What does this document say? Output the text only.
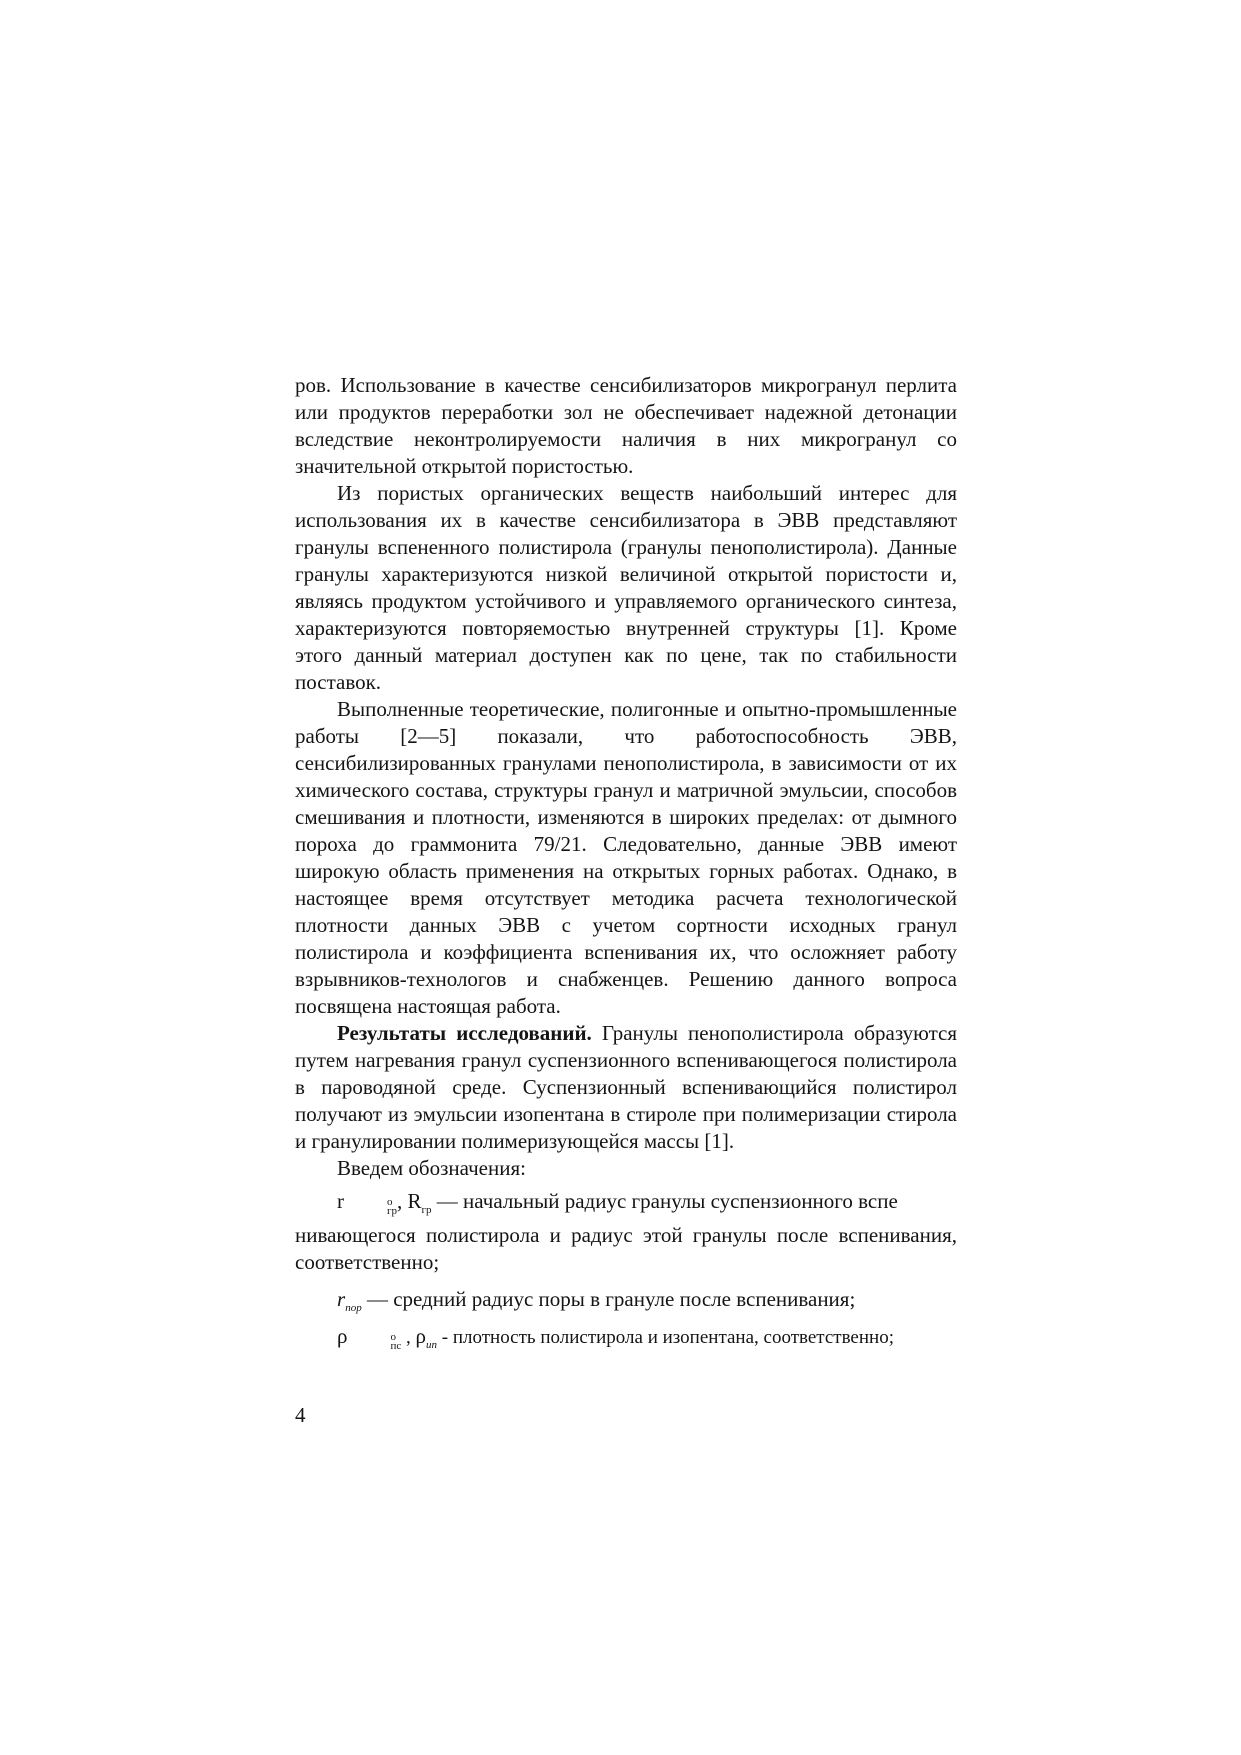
ров. Использование в качестве сенсибилизаторов микрогранул перлита или продуктов переработки зол не обеспечивает надежной детонации вследствие неконтролируемости наличия в них микрогранул со значительной открытой пористостью.

Из пористых органических веществ наибольший интерес для использования их в качестве сенсибилизатора в ЭВВ представляют гранулы вспененного полистирола (гранулы пенополистирола). Данные гранулы характеризуются низкой величиной открытой пористости и, являясь продуктом устойчивого и управляемого органического синтеза, характеризуются повторяемостью внутренней структуры [1]. Кроме этого данный материал доступен как по цене, так по стабильности поставок.

Выполненные теоретические, полигонные и опытно-промышленные работы [2—5] показали, что работоспособность ЭВВ, сенсибилизированных гранулами пенополистирола, в зависимости от их химического состава, структуры гранул и матричной эмульсии, способов смешивания и плотности, изменяются в широких пределах: от дымного пороха до граммонита 79/21. Следовательно, данные ЭВВ имеют широкую область применения на открытых горных работах. Однако, в настоящее время отсутствует методика расчета технологической плотности данных ЭВВ с учетом сортности исходных гранул полистирола и коэффициента вспенивания их, что осложняет работу взрывников-технологов и снабженцев. Решению данного вопроса посвящена настоящая работа.

Результаты исследований. Гранулы пенополистирола образуются путем нагревания гранул суспензионного вспенивающегося полистирола в пароводяной среде. Суспензионный вспенивающийся полистирол получают из эмульсии изопентана в стироле при полимеризации стирола и гранулировании полимеризующейся массы [1].

Введем обозначения:

r	о
гр , $R_{гр}$ — начальный радиус гранулы суспензионного вспе

нивающегося полистирола и радиус этой гранулы после вспенивания, соответственно;

$r_{пор}$ — средний радиус поры в грануле после вспенивания;

ρ	о
пс , $\rho_{ип}$ - плотность полистирола и изопентана, соответственно;

4
